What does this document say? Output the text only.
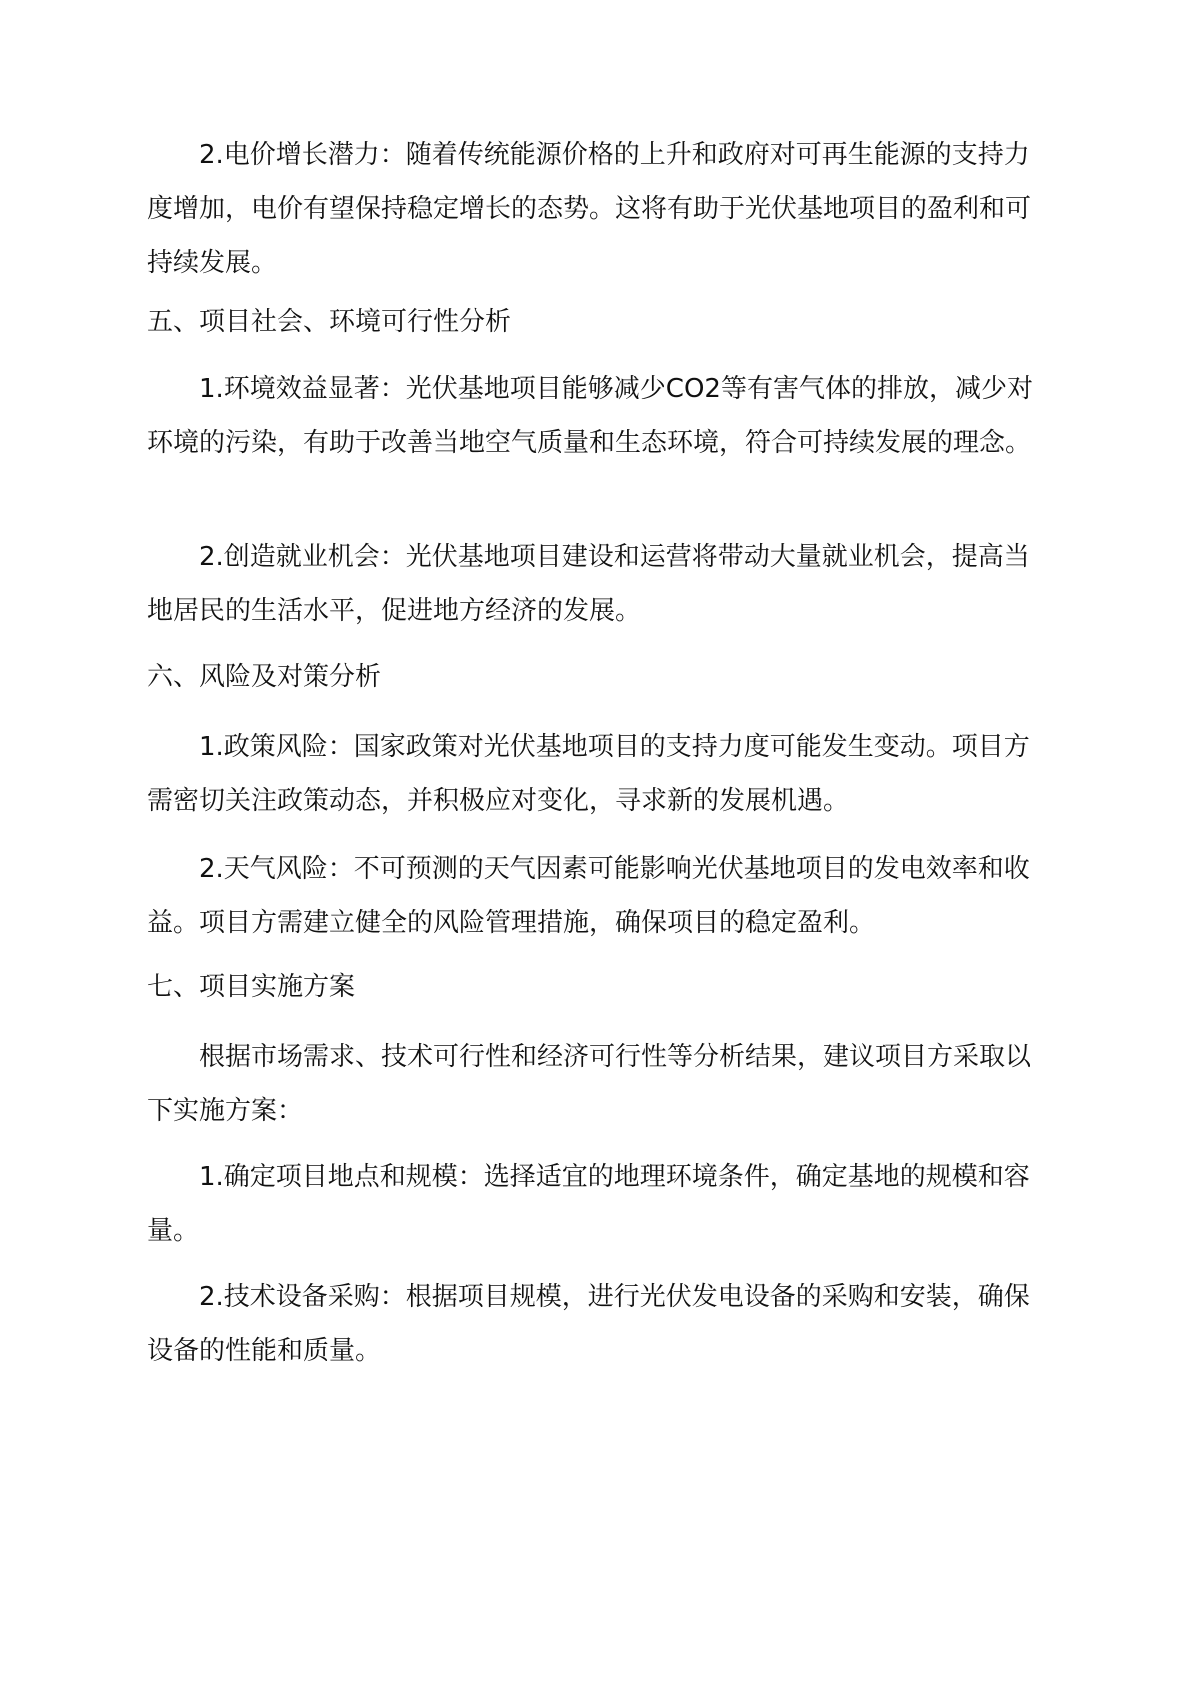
2.电价增长潜力：随着传统能源价格的上升和政府对可再生能源的支持力度增加，电价有望保持稳定增长的态势。这将有助于光伏基地项目的盈利和可持续发展。

五、项目社会、环境可行性分析

1.环境效益显著：光伏基地项目能够减少CO2等有害气体的排放，减少对环境的污染，有助于改善当地空气质量和生态环境，符合可持续发展的理念。

2.创造就业机会：光伏基地项目建设和运营将带动大量就业机会，提高当地居民的生活水平，促进地方经济的发展。

六、风险及对策分析

1.政策风险：国家政策对光伏基地项目的支持力度可能发生变动。项目方需密切关注政策动态，并积极应对变化，寻求新的发展机遇。

2.天气风险：不可预测的天气因素可能影响光伏基地项目的发电效率和收益。项目方需建立健全的风险管理措施，确保项目的稳定盈利。

七、项目实施方案

根据市场需求、技术可行性和经济可行性等分析结果，建议项目方采取以下实施方案：

1.确定项目地点和规模：选择适宜的地理环境条件，确定基地的规模和容量。

2.技术设备采购：根据项目规模，进行光伏发电设备的采购和安装，确保设备的性能和质量。
